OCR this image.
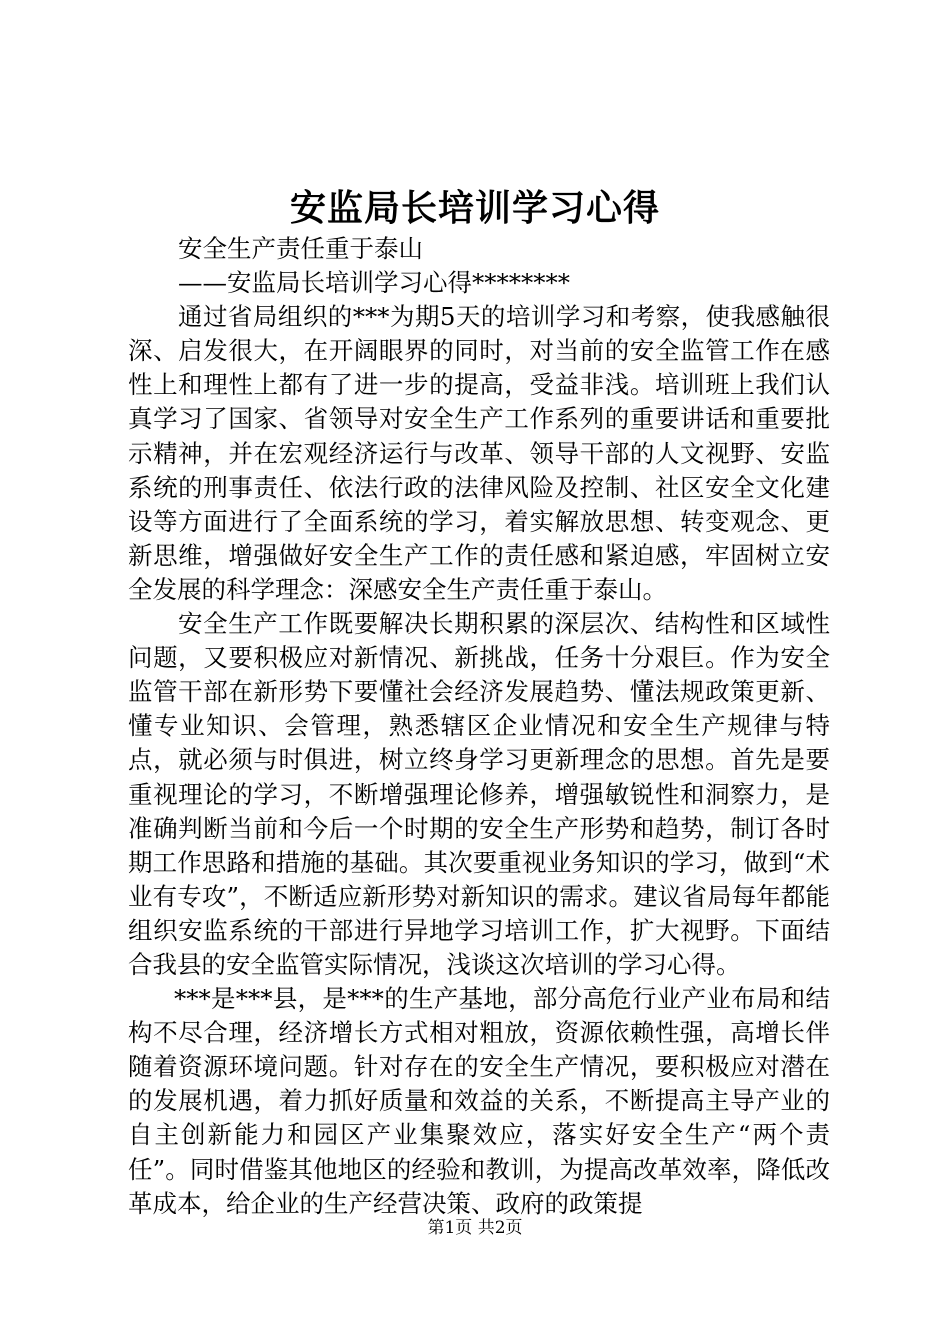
安监局长培训学习心得

安全生产责任重于泰山

——安监局长培训学习心得********

通过省局组织的***为期5天的培训学习和考察，使我感触很深、启发很大，在开阔眼界的同时，对当前的安全监管工作在感性上和理性上都有了进一步的提高，受益非浅。培训班上我们认真学习了国家、省领导对安全生产工作系列的重要讲话和重要批示精神，并在宏观经济运行与改革、领导干部的人文视野、安监系统的刑事责任、依法行政的法律风险及控制、社区安全文化建设等方面进行了全面系统的学习，着实解放思想、转变观念、更新思维，增强做好安全生产工作的责任感和紧迫感，牢固树立安全发展的科学理念：深感安全生产责任重于泰山。

安全生产工作既要解决长期积累的深层次、结构性和区域性问题，又要积极应对新情况、新挑战，任务十分艰巨。作为安全监管干部在新形势下要懂社会经济发展趋势、懂法规政策更新、懂专业知识、会管理，熟悉辖区企业情况和安全生产规律与特点，就必须与时俱进，树立终身学习更新理念的思想。首先是要重视理论的学习，不断增强理论修养，增强敏锐性和洞察力，是准确判断当前和今后一个时期的安全生产形势和趋势，制订各时期工作思路和措施的基础。其次要重视业务知识的学习，做到“术业有专攻”，不断适应新形势对新知识的需求。建议省局每年都能组织安监系统的干部进行异地学习培训工作，扩大视野。下面结合我县的安全监管实际情况，浅谈这次培训的学习心得。

***是***县，是***的生产基地，部分高危行业产业布局和结构不尽合理，经济增长方式相对粗放，资源依赖性强，高增长伴随着资源环境问题。针对存在的安全生产情况，要积极应对潜在的发展机遇，着力抓好质量和效益的关系，不断提高主导产业的自主创新能力和园区产业集聚效应，落实好安全生产“两个责任”。同时借鉴其他地区的经验和教训，为提高改革效率，降低改革成本，给企业的生产经营决策、政府的政策提

第1页 共2页
